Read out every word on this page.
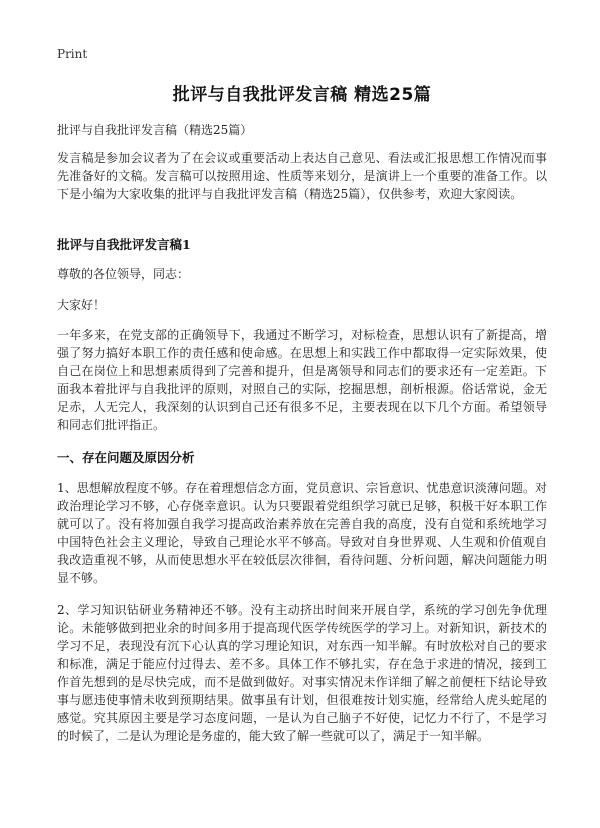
Print
批评与自我批评发言稿 精选25篇

批评与自我批评发言稿（精选25篇）

发言稿是参加会议者为了在会议或重要活动上表达自己意见、看法或汇报思想工作情况而事先准备好的文稿。发言稿可以按照用途、性质等来划分，是演讲上一个重要的准备工作。以下是小编为大家收集的批评与自我批评发言稿（精选25篇），仅供参考，欢迎大家阅读。

批评与自我批评发言稿1

尊敬的各位领导，同志：

大家好！

一年多来，在党支部的正确领导下，我通过不断学习，对标检查，思想认识有了新提高，增强了努力搞好本职工作的责任感和使命感。在思想上和实践工作中都取得一定实际效果，使自己在岗位上和思想素质得到了完善和提升，但是离领导和同志们的要求还有一定差距。下面我本着批评与自我批评的原则，对照自己的实际，挖掘思想，剖析根源。俗话常说，金无足赤，人无完人，我深刻的认识到自己还有很多不足，主要表现在以下几个方面。希望领导和同志们批评指正。

一、存在问题及原因分析

1、思想解放程度不够。存在着理想信念方面，党员意识、宗旨意识、忧患意识淡薄问题。对政治理论学习不够，心存侥幸意识。认为只要跟着党组织学习就已足够，积极干好本职工作就可以了。没有将加强自我学习提高政治素养放在完善自我的高度，没有自觉和系统地学习中国特色社会主义理论，导致自己理论水平不够高。导致对自身世界观、人生观和价值观自我改造重视不够，从而使思想水平在较低层次徘徊，看待问题、分析问题，解决问题能力明显不够。

2、学习知识钻研业务精神还不够。没有主动挤出时间来开展自学，系统的学习创先争优理论。未能够做到把业余的时间多用于提高现代医学传统医学的学习上。对新知识，新技术的学习不足，表现没有沉下心认真的学习理论知识，对东西一知半解。有时放松对自己的要求和标准，满足于能应付过得去、差不多。具体工作不够扎实，存在急于求进的情况，接到工作首先想到的是尽快完成，而不是做到做好。对事实情况未作详细了解之前便枉下结论导致事与愿违使事情未收到预期结果。做事虽有计划，但很难按计划实施，经常给人虎头蛇尾的感觉。究其原因主要是学习态度问题，一是认为自己脑子不好使，记忆力不行了，不是学习的时候了，二是认为理论是务虚的，能大致了解一些就可以了，满足于一知半解。
